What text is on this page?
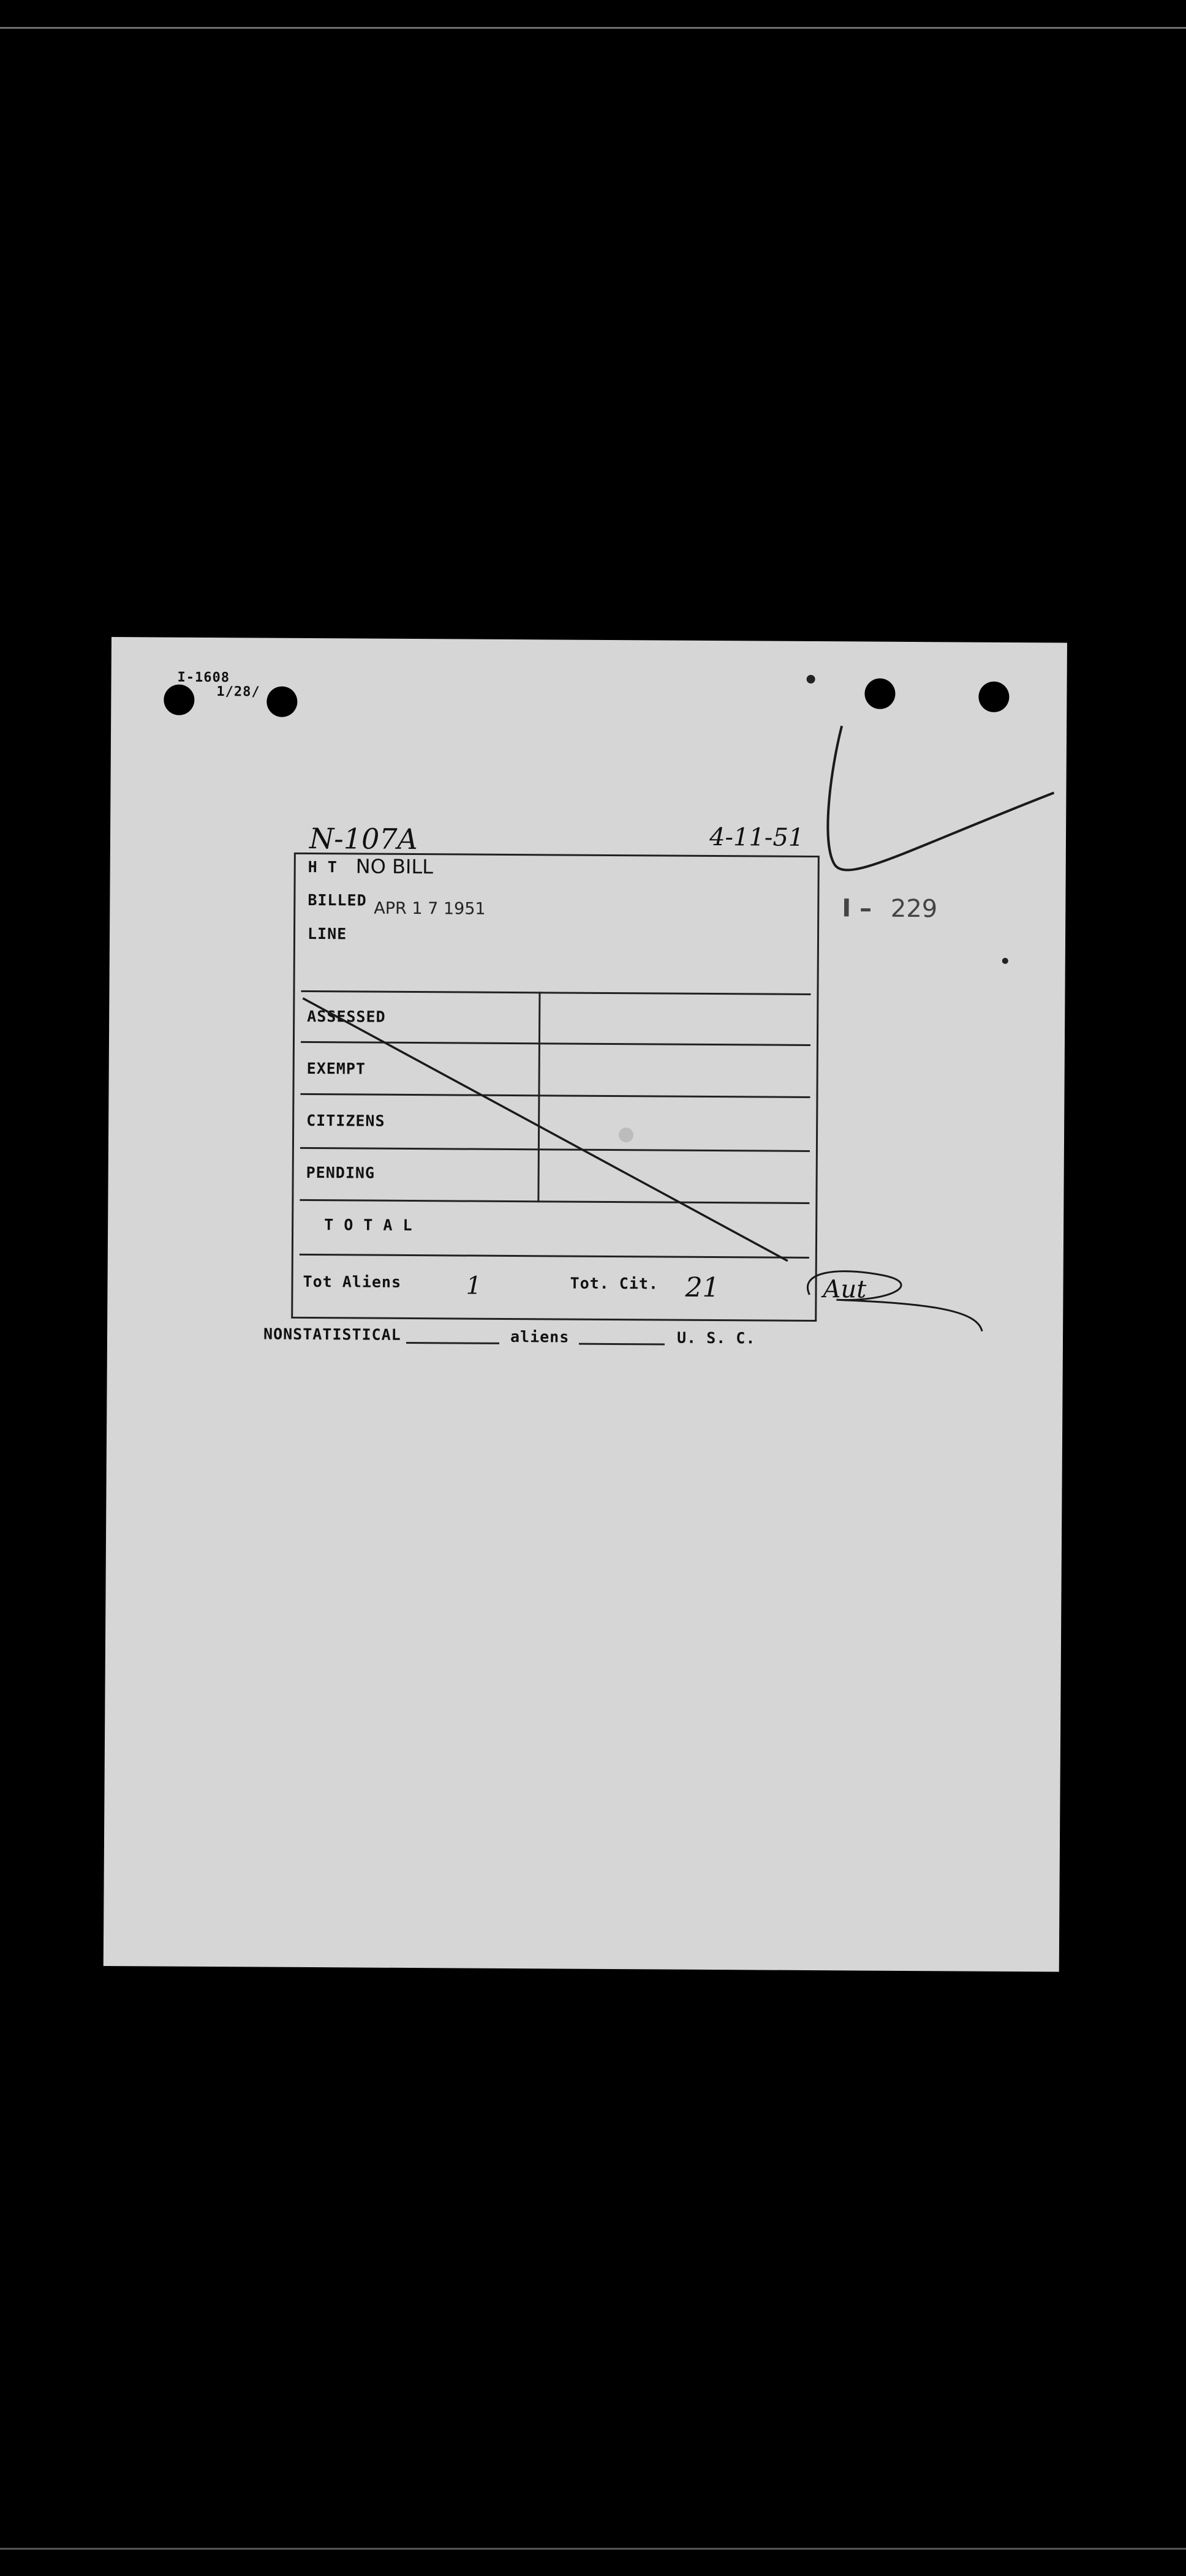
I-1608
1/28/
N-107A	4-11-51
I – 229
H T NO BILL
BILLED APR 1 7 1951
LINE
ASSESSED
EXEMPT
CITIZENS
PENDING
T O T A L
Tot Aliens	1	Tot. Cit. 21	Aut
NONSTATISTICAL	aliens	U. S. C.
